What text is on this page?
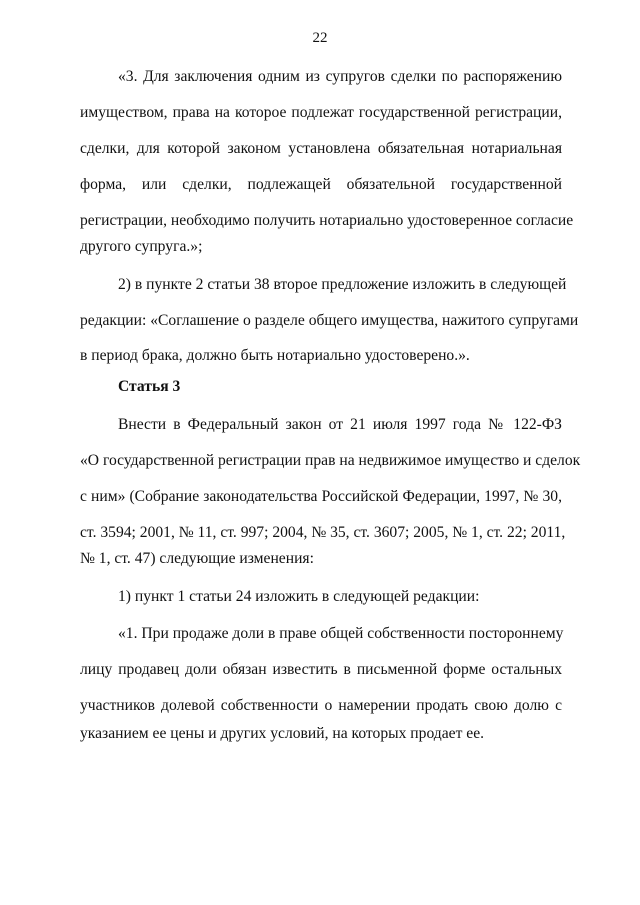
22
«3. Для заключения одним из супругов сделки по распоряжению
имуществом, права на которое подлежат государственной регистрации,
сделки, для которой законом установлена обязательная нотариальная
форма, или сделки, подлежащей обязательной государственной
регистрации, необходимо получить нотариально удостоверенное согласие
другого супруга.»;
2) в пункте 2 статьи 38 второе предложение изложить в следующей
редакции: «Соглашение о разделе общего имущества, нажитого супругами
в период брака, должно быть нотариально удостоверено.».
Статья 3
Внести в Федеральный закон от 21 июля 1997 года № 122-ФЗ
«О государственной регистрации прав на недвижимое имущество и сделок
с ним» (Собрание законодательства Российской Федерации, 1997, № 30,
ст. 3594; 2001, № 11, ст. 997; 2004, № 35, ст. 3607; 2005, № 1, ст. 22; 2011,
№ 1, ст. 47) следующие изменения:
1) пункт 1 статьи 24 изложить в следующей редакции:
«1. При продаже доли в праве общей собственности постороннему
лицу продавец доли обязан известить в письменной форме остальных
участников долевой собственности о намерении продать свою долю с
указанием ее цены и других условий, на которых продает ее.
